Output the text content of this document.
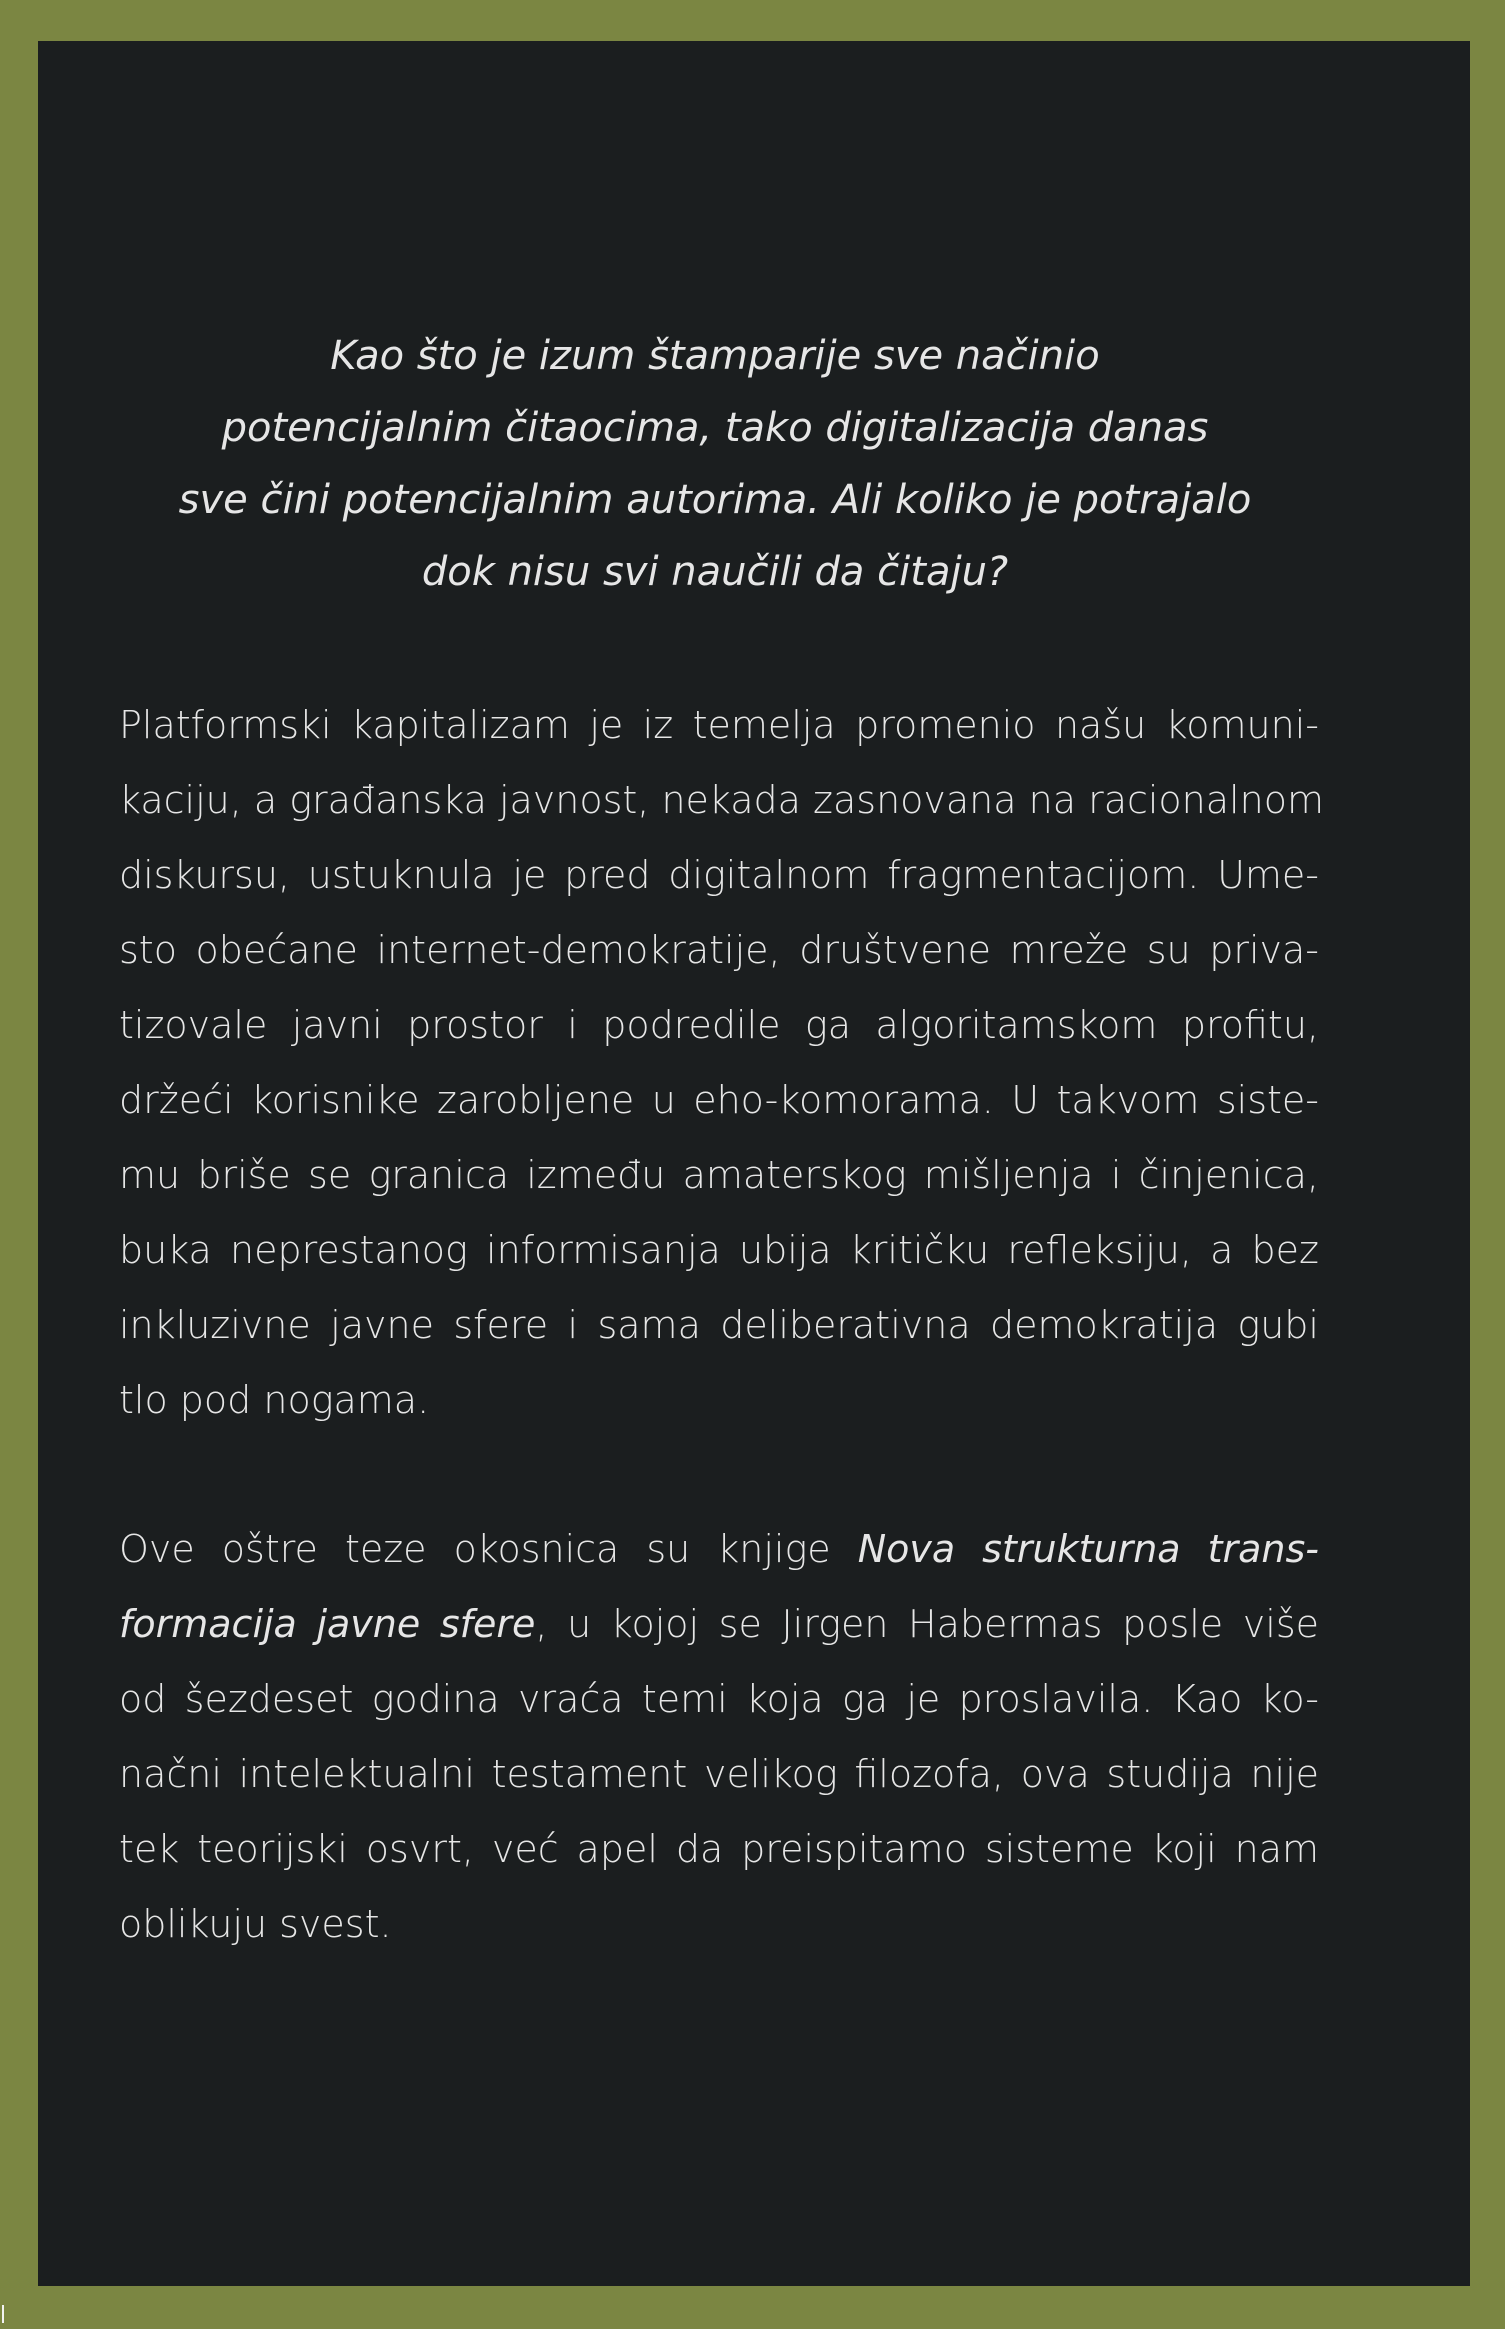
Kao što je izum štamparije sve načinio
potencijalnim čitaocima, tako digitalizacija danas
sve čini potencijalnim autorima. Ali koliko je potrajalo
dok nisu svi naučili da čitaju?
Platformski kapitalizam je iz temelja promenio našu komuni-
kaciju, a građanska javnost, nekada zasnovana na racionalnom
diskursu, ustuknula je pred digitalnom fragmentacijom. Ume-
sto obećane internet-demokratije, društvene mreže su priva-
tizovale javni prostor i podredile ga algoritamskom profitu,
držeći korisnike zarobljene u eho-komorama. U takvom siste-
mu briše se granica između amaterskog mišljenja i činjenica,
buka neprestanog informisanja ubija kritičku refleksiju, a bez
inkluzivne javne sfere i sama deliberativna demokratija gubi
tlo pod nogama.
Ove oštre teze okosnica su knjige Nova strukturna trans-
formacija javne sfere, u kojoj se Jirgen Habermas posle više
od šezdeset godina vraća temi koja ga je proslavila. Kao ko-
načni intelektualni testament velikog filozofa, ova studija nije
tek teorijski osvrt, već apel da preispitamo sisteme koji nam
oblikuju svest.
